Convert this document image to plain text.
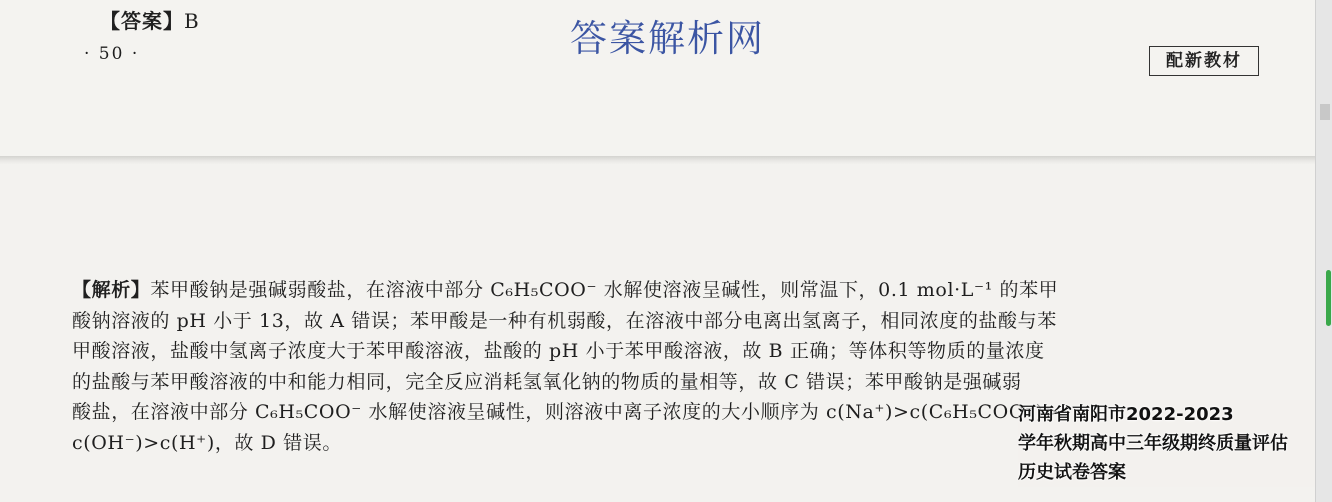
【答案】B
· 50 ·	答案解析网
配新教材
【解析】苯甲酸钠是强碱弱酸盐，在溶液中部分 C₆H₅COO⁻ 水解使溶液呈碱性，则常温下，0.1 mol·L⁻¹ 的苯甲
酸钠溶液的 pH 小于 13，故 A 错误；苯甲酸是一种有机弱酸，在溶液中部分电离出氢离子，相同浓度的盐酸与苯
甲酸溶液，盐酸中氢离子浓度大于苯甲酸溶液，盐酸的 pH 小于苯甲酸溶液，故 B 正确；等体积等物质的量浓度
的盐酸与苯甲酸溶液的中和能力相同，完全反应消耗氢氧化钠的物质的量相等，故 C 错误；苯甲酸钠是强碱弱
酸盐，在溶液中部分 C₆H₅COO⁻ 水解使溶液呈碱性，则溶液中离子浓度的大小顺序为 c(Na⁺)>c(C₆H₅COO⁻)>
c(OH⁻)>c(H⁺)，故 D 错误。
河南省南阳市2022-2023
学年秋期高中三年级期终质量评估
历史试卷答案
